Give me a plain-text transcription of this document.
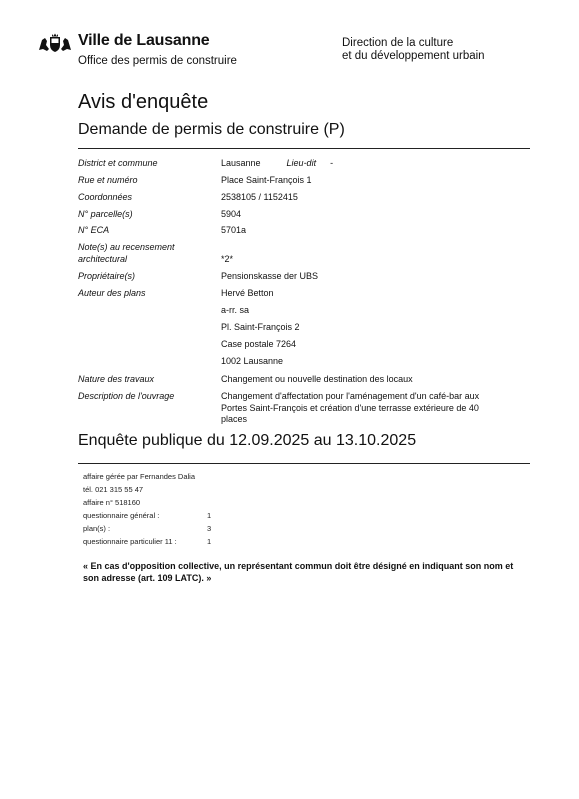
Ville de Lausanne
Office des permis de construire
Direction de la culture
et du développement urbain
Avis d'enquête
Demande de permis de construire (P)
District et commune	Lausanne	Lieu-dit -
Rue et numéro	Place Saint-François 1
Coordonnées	2538105 / 1152415
N° parcelle(s)	5904
N° ECA	5701a
Note(s) au recensement
architectural	*2*
Propriétaire(s)	Pensionskasse der UBS
Auteur des plans	Hervé Betton
a-rr. sa
Pl. Saint-François 2
Case postale 7264
1002 Lausanne
Nature des travaux	Changement ou nouvelle destination des locaux
Description de l'ouvrage	Changement d'affectation pour l'aménagement d'un café-bar aux
Portes Saint-François et création d'une terrasse extérieure de 40
places
Enquête publique du 12.09.2025 au 13.10.2025
affaire gérée par Fernandes Dalia
tél. 021 315 55 47
affaire n° 518160
questionnaire général :	1
plan(s) :	3
questionnaire particulier 11 :	1
« En cas d'opposition collective, un représentant commun doit être désigné en indiquant son nom et son adresse (art. 109 LATC). »
